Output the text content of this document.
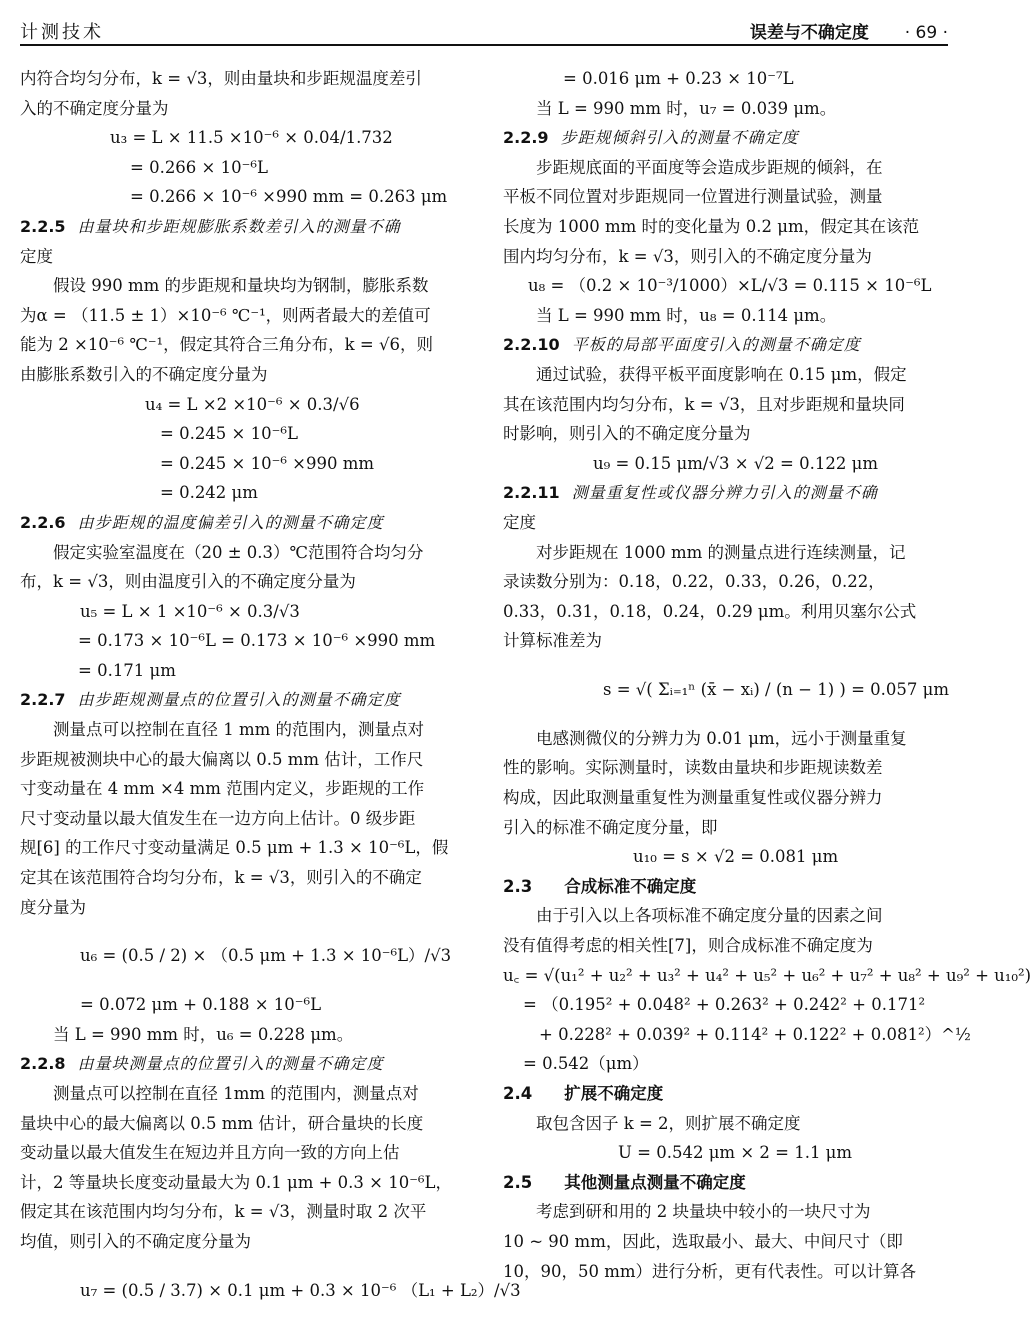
计测技术	误差与不确定度 · 69 ·
内符合均匀分布，k = √3，则由量块和步距规温度差引
入的不确定度分量为
u₃ = L × 11.5 ×10⁻⁶ × 0.04/1.732
= 0.266 × 10⁻⁶L
= 0.266 × 10⁻⁶ ×990 mm = 0.263 μm
2.2.5 由量块和步距规膨胀系数差引入的测量不确
定度
假设 990 mm 的步距规和量块均为钢制，膨胀系数
为α = （11.5 ± 1）×10⁻⁶ ℃⁻¹，则两者最大的差值可
能为 2 ×10⁻⁶ ℃⁻¹，假定其符合三角分布，k = √6，则
由膨胀系数引入的不确定度分量为
u₄ = L ×2 ×10⁻⁶ × 0.3/√6
= 0.245 × 10⁻⁶L
= 0.245 × 10⁻⁶ ×990 mm
= 0.242 μm
2.2.6 由步距规的温度偏差引入的测量不确定度
假定实验室温度在（20 ± 0.3）℃范围符合均匀分
布，k = √3，则由温度引入的不确定度分量为
u₅ = L × 1 ×10⁻⁶ × 0.3/√3
= 0.173 × 10⁻⁶L = 0.173 × 10⁻⁶ ×990 mm
= 0.171 μm
2.2.7 由步距规测量点的位置引入的测量不确定度
测量点可以控制在直径 1 mm 的范围内，测量点对
步距规被测块中心的最大偏离以 0.5 mm 估计，工作尺
寸变动量在 4 mm ×4 mm 范围内定义，步距规的工作
尺寸变动量以最大值发生在一边方向上估计。0 级步距
规[6] 的工作尺寸变动量满足 0.5 μm + 1.3 × 10⁻⁶L，假
定其在该范围符合均匀分布，k = √3，则引入的不确定
度分量为
u₆ = (0.5 / 2) × （0.5 μm + 1.3 × 10⁻⁶L）/√3
= 0.072 μm + 0.188 × 10⁻⁶L
当 L = 990 mm 时，u₆ = 0.228 μm。
2.2.8 由量块测量点的位置引入的测量不确定度
测量点可以控制在直径 1mm 的范围内，测量点对
量块中心的最大偏离以 0.5 mm 估计，研合量块的长度
变动量以最大值发生在短边并且方向一致的方向上估
计，2 等量块长度变动量最大为 0.1 μm + 0.3 × 10⁻⁶L，
假定其在该范围内均匀分布，k = √3，测量时取 2 次平
均值，则引入的不确定度分量为
u₇ = (0.5 / 3.7) × 0.1 μm + 0.3 × 10⁻⁶ （L₁ + L₂）/√3
= 0.016 μm + 0.23 × 10⁻⁷L
当 L = 990 mm 时，u₇ = 0.039 μm。
2.2.9 步距规倾斜引入的测量不确定度
步距规底面的平面度等会造成步距规的倾斜，在
平板不同位置对步距规同一位置进行测量试验，测量
长度为 1000 mm 时的变化量为 0.2 μm，假定其在该范
围内均匀分布，k = √3，则引入的不确定度分量为
u₈ = （0.2 × 10⁻³/1000）×L/√3 = 0.115 × 10⁻⁶L
当 L = 990 mm 时，u₈ = 0.114 μm。
2.2.10 平板的局部平面度引入的测量不确定度
通过试验，获得平板平面度影响在 0.15 μm，假定
其在该范围内均匀分布，k = √3，且对步距规和量块同
时影响，则引入的不确定度分量为
u₉ = 0.15 μm/√3 × √2 = 0.122 μm
2.2.11 测量重复性或仪器分辨力引入的测量不确
定度
对步距规在 1000 mm 的测量点进行连续测量，记
录读数分别为：0.18，0.22，0.33，0.26，0.22，
0.33，0.31，0.18，0.24，0.29 μm。利用贝塞尔公式
计算标准差为
s = √( Σᵢ₌₁ⁿ (x̄ − xᵢ) / (n − 1) ) = 0.057 μm
电感测微仪的分辨力为 0.01 μm，远小于测量重复
性的影响。实际测量时，读数由量块和步距规读数差
构成，因此取测量重复性为测量重复性或仪器分辨力
引入的标准不确定度分量，即
u₁₀ = s × √2 = 0.081 μm
2.3 合成标准不确定度
由于引入以上各项标准不确定度分量的因素之间
没有值得考虑的相关性[7]，则合成标准不确定度为
u꜀ = √(u₁² + u₂² + u₃² + u₄² + u₅² + u₆² + u₇² + u₈² + u₉² + u₁₀²)
= （0.195² + 0.048² + 0.263² + 0.242² + 0.171²
+ 0.228² + 0.039² + 0.114² + 0.122² + 0.081²）^½
= 0.542（μm）
2.4 扩展不确定度
取包含因子 k = 2，则扩展不确定度
U = 0.542 μm × 2 = 1.1 μm
2.5 其他测量点测量不确定度
考虑到研和用的 2 块量块中较小的一块尺寸为
10 ~ 90 mm，因此，选取最小、最大、中间尺寸（即
10，90，50 mm）进行分析，更有代表性。可以计算各
